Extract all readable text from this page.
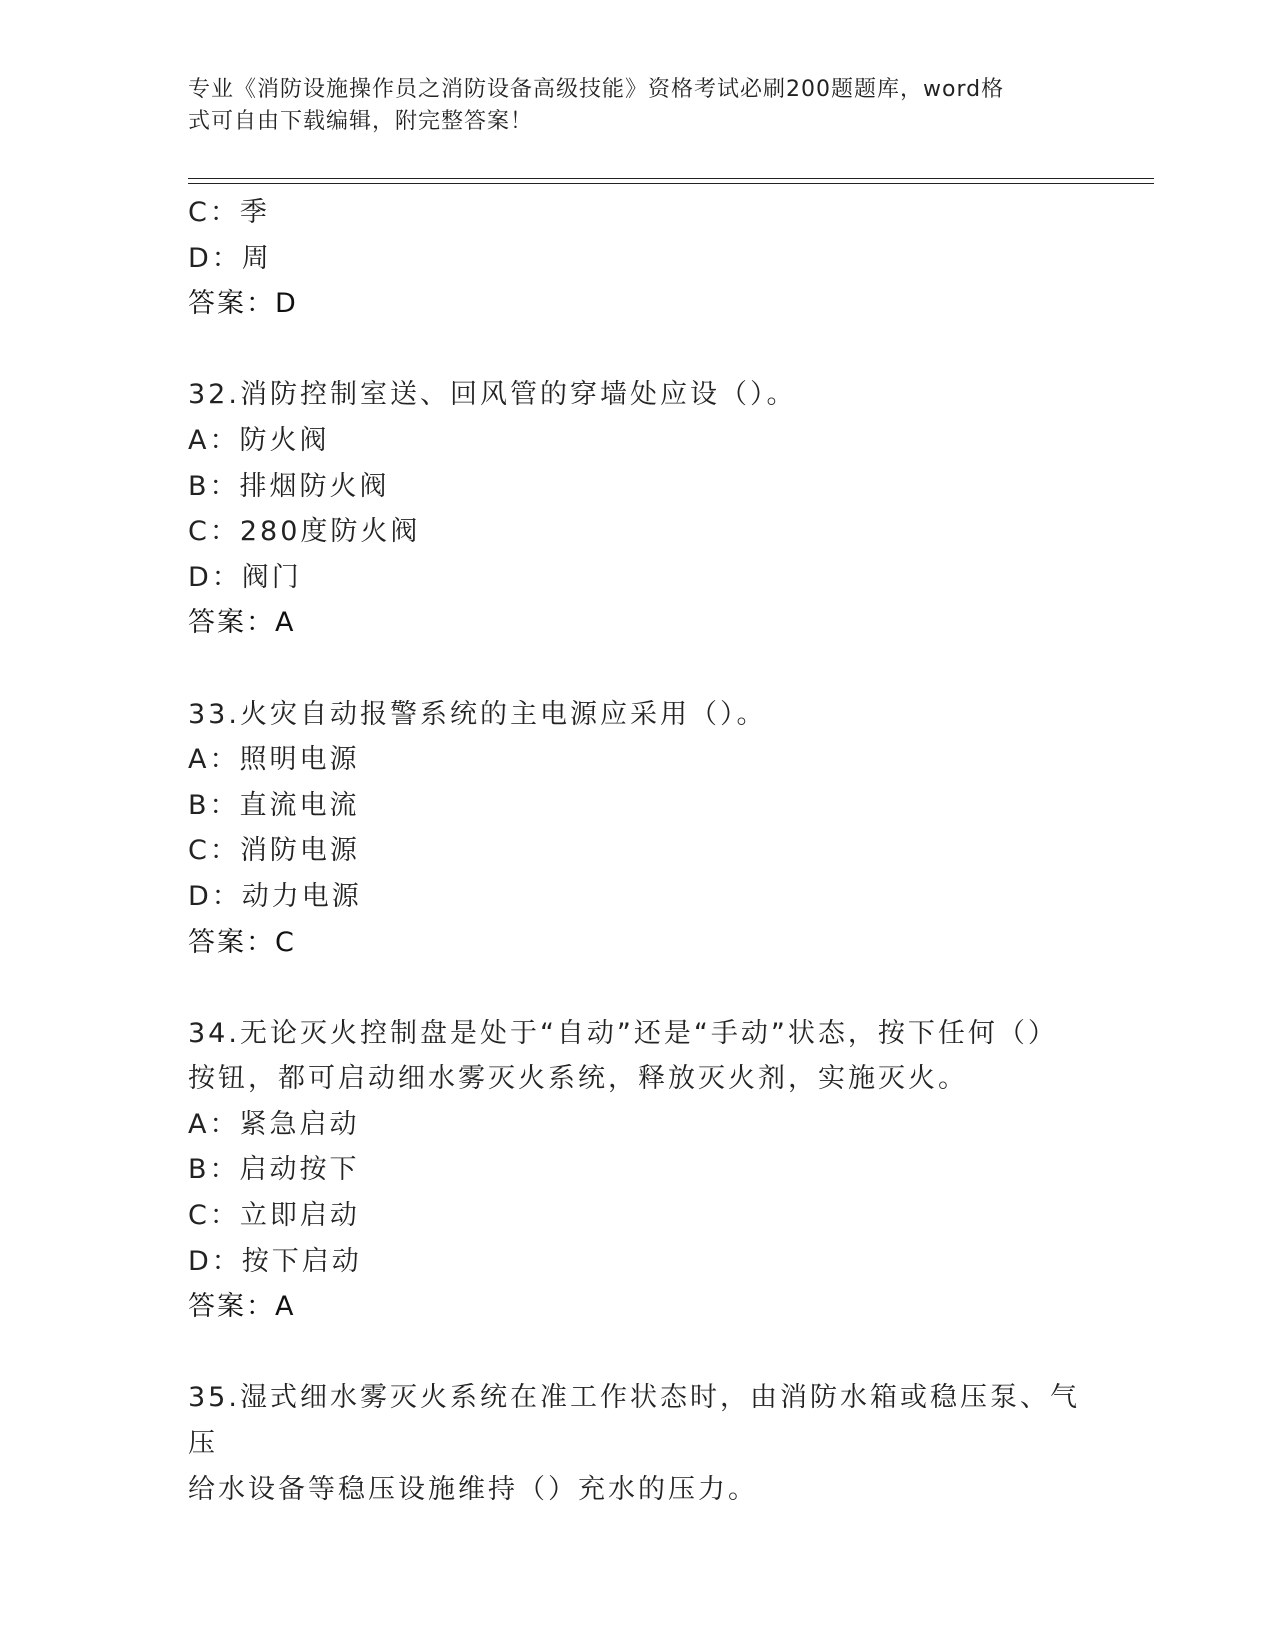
专业《消防设施操作员之消防设备高级技能》资格考试必刷200题题库，word格
式可自由下载编辑，附完整答案！
C：季
D：周
答案：D
32.消防控制室送、回风管的穿墙处应设（）。
A：防火阀
B：排烟防火阀
C：280度防火阀
D：阀门
答案：A
33.火灾自动报警系统的主电源应采用（）。
A：照明电源
B：直流电流
C：消防电源
D：动力电源
答案：C
34.无论灭火控制盘是处于“自动”还是“手动”状态，按下任何（）
按钮，都可启动细水雾灭火系统，释放灭火剂，实施灭火。
A：紧急启动
B：启动按下
C：立即启动
D：按下启动
答案：A
35.湿式细水雾灭火系统在准工作状态时，由消防水箱或稳压泵、气压
给水设备等稳压设施维持（）充水的压力。
